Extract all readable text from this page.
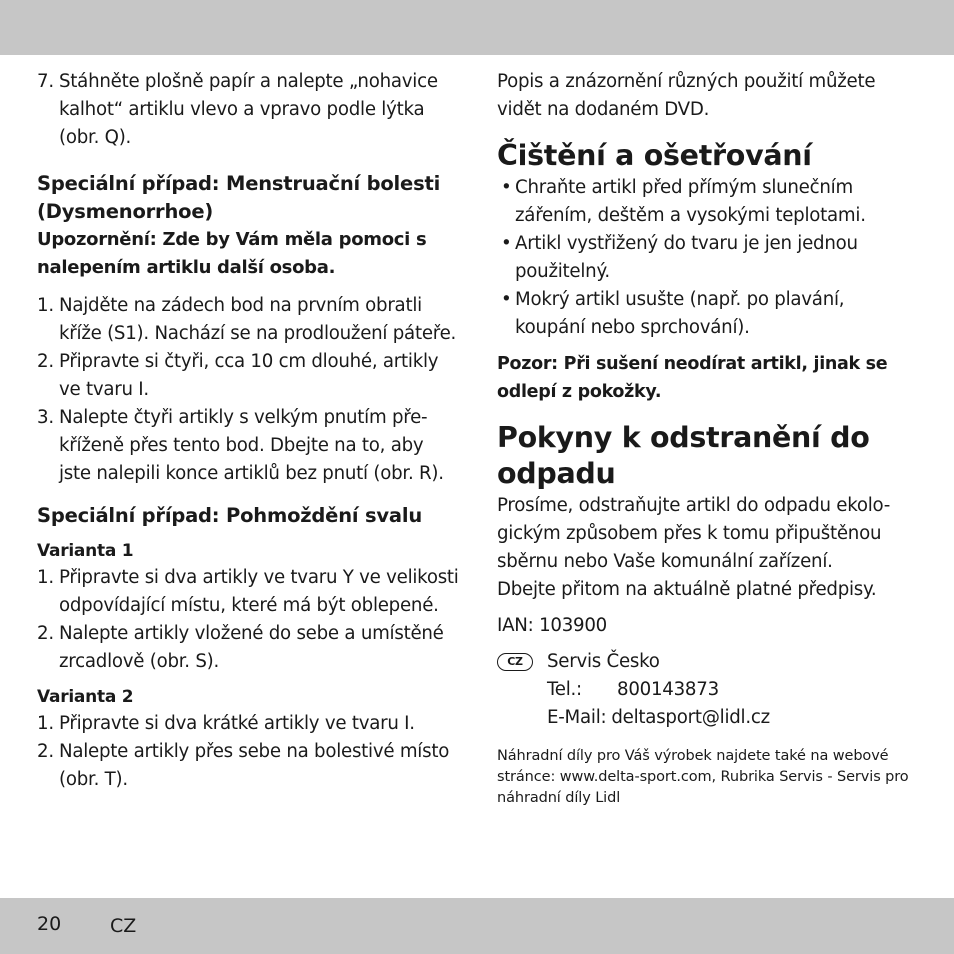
7. Stáhněte plošně papír a nalepte „nohavice kalhot“ artiklu vlevo a vpravo podle lýtka (obr. Q).

Speciální případ: Menstruační bolesti (Dysmenorrhoe)

Upozornění: Zde by Vám měla pomoci s nalepením artiklu další osoba.

1. Najděte na zádech bod na prvním obratli kříže (S1). Nachází se na prodloužení páteře.
2. Připravte si čtyři, cca 10 cm dlouhé, artikly ve tvaru I.
3. Nalepte čtyři artikly s velkým pnutím pře-kříženě přes tento bod. Dbejte na to, aby jste nalepili konce artiklů bez pnutí (obr. R).

Speciální případ: Pohmoždění svalu

Varianta 1

1. Připravte si dva artikly ve tvaru Y ve velikosti odpovídající místu, které má být oblepené.
2. Nalepte artikly vložené do sebe a umístěné zrcadlově (obr. S).

Varianta 2

1. Připravte si dva krátké artikly ve tvaru I.
2. Nalepte artikly přes sebe na bolestivé místo (obr. T).

Popis a znázornění různých použití můžete vidět na dodaném DVD.

Čištění a ošetřování

• Chraňte artikl před přímým slunečním zářením, deštěm a vysokými teplotami.
• Artikl vystřižený do tvaru je jen jednou použitelný.
• Mokrý artikl usušte (např. po plavání, koupání nebo sprchování).

Pozor: Při sušení neodírat artikl, jinak se odlepí z pokožky.

Pokyny k odstranění do odpadu

Prosíme, odstraňujte artikl do odpadu ekolo-gickým způsobem přes k tomu připuštěnou sběrnu nebo Vaše komunální zařízení.

Dbejte přitom na aktuálně platné předpisy.

IAN: 103900

CZ	Servis Česko
Tel.:	800143873
E-Mail: deltasport@lidl.cz

Náhradní díly pro Váš výrobek najdete také na webové stránce: www.delta-sport.com, Rubrika Servis - Servis pro náhradní díly Lidl

20	CZ
